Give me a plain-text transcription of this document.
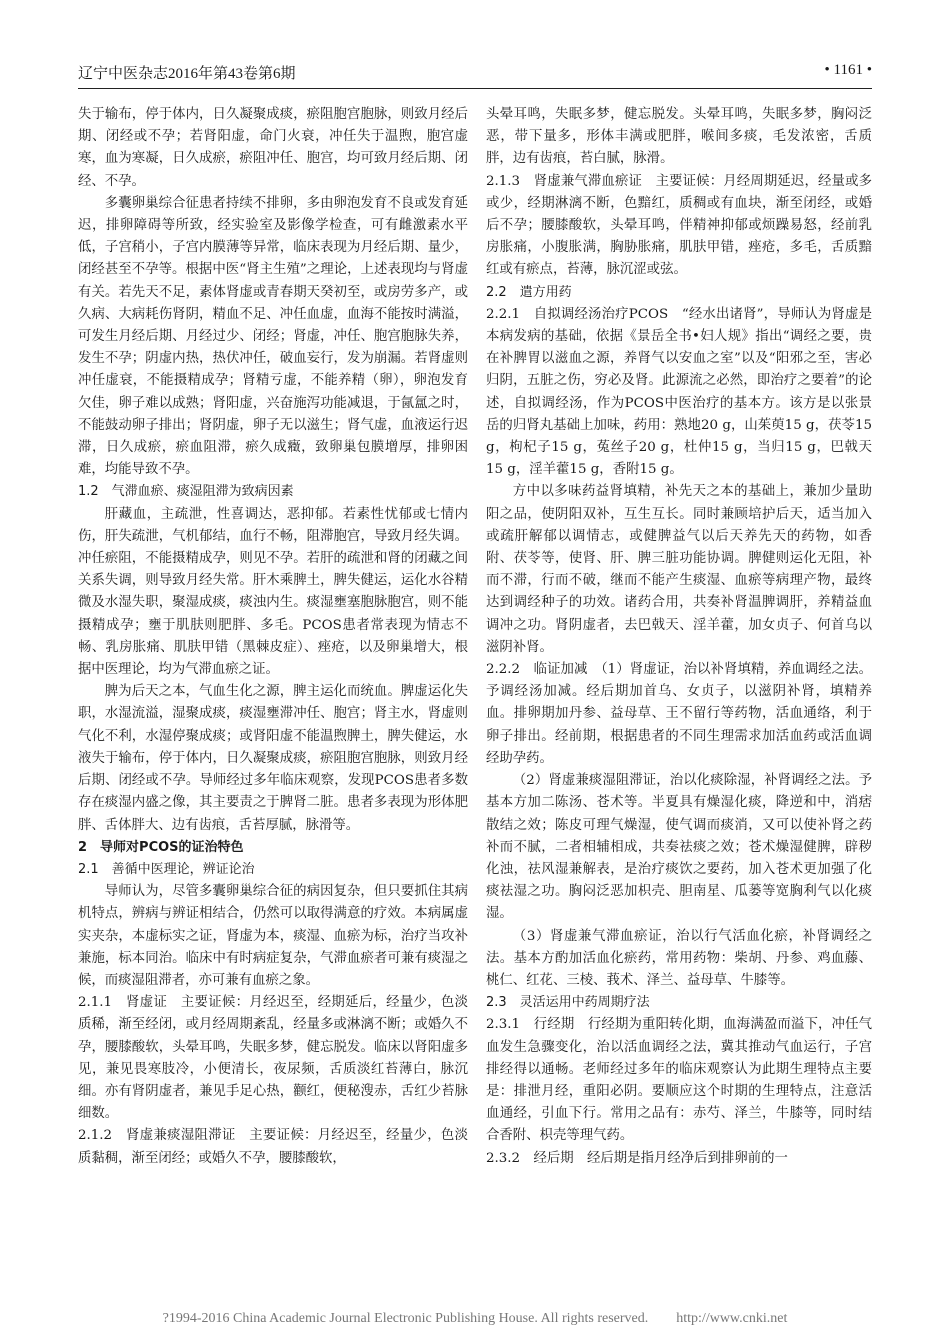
辽宁中医杂志2016年第43卷第6期	• 1161 •

失于输布，停于体内，日久凝聚成痰，瘀阻胞宫胞脉，则致月经后期、闭经或不孕；若肾阳虚，命门火衰，冲任失于温煦，胞宫虚寒，血为寒凝，日久成瘀，瘀阻冲任、胞宫，均可致月经后期、闭经、不孕。

多囊卵巢综合征患者持续不排卵，多由卵泡发育不良或发育延迟，排卵障碍等所致，经实验室及影像学检查，可有雌激素水平低，子宫稍小，子宫内膜薄等异常，临床表现为月经后期、量少，闭经甚至不孕等。根据中医“肾主生殖”之理论，上述表现均与肾虚有关。若先天不足，素体肾虚或青春期天癸初至，或房劳多产，或久病、大病耗伤肾阴，精血不足、冲任血虚，血海不能按时满溢，可发生月经后期、月经过少、闭经；肾虚，冲任、胞宫胞脉失养，发生不孕；阴虚内热，热伏冲任，破血妄行，发为崩漏。若肾虚则冲任虚衰，不能摄精成孕；肾精亏虚，不能养精（卵），卵泡发育欠佳，卵子难以成熟；肾阳虚，兴奋施泻功能减退，于氤氲之时，不能鼓动卵子排出；肾阴虚，卵子无以滋生；肾气虚，血液运行迟滞，日久成瘀，瘀血阻滞，瘀久成癥，致卵巢包膜增厚，排卵困难，均能导致不孕。

1.2　气滞血瘀、痰湿阻滞为致病因素

肝藏血，主疏泄，性喜调达，恶抑郁。若素性忧郁或七情内伤，肝失疏泄，气机郁结，血行不畅，阻滞胞宫，导致月经失调。冲任瘀阻，不能摄精成孕，则见不孕。若肝的疏泄和肾的闭藏之间关系失调，则导致月经失常。肝木乘脾土，脾失健运，运化水谷精微及水湿失职，聚湿成痰，痰浊内生。痰湿壅塞胞脉胞宫，则不能摄精成孕；壅于肌肤则肥胖、多毛。PCOS患者常表现为情志不畅、乳房胀痛、肌肤甲错（黑棘皮症）、痤疮，以及卵巢增大，根据中医理论，均为气滞血瘀之证。

脾为后天之本，气血生化之源，脾主运化而统血。脾虚运化失职，水湿流溢，湿聚成痰，痰湿壅滞冲任、胞宫；肾主水，肾虚则气化不利，水湿停聚成痰；或肾阳虚不能温煦脾土，脾失健运，水液失于输布，停于体内，日久凝聚成痰，瘀阻胞宫胞脉，则致月经后期、闭经或不孕。导师经过多年临床观察，发现PCOS患者多数存在痰湿内盛之像，其主要责之于脾肾二脏。患者多表现为形体肥胖、舌体胖大、边有齿痕，舌苔厚腻，脉滑等。

2　导师对PCOS的证治特色

2.1　善循中医理论，辨证论治

导师认为，尽管多囊卵巢综合征的病因复杂，但只要抓住其病机特点，辨病与辨证相结合，仍然可以取得满意的疗效。本病属虚实夹杂，本虚标实之证，肾虚为本，痰湿、血瘀为标，治疗当攻补兼施，标本同治。临床中有时病症复杂，气滞血瘀者可兼有痰湿之候，而痰湿阻滞者，亦可兼有血瘀之象。

2.1.1　肾虚证　主要证候：月经迟至，经期延后，经量少，色淡质稀，渐至经闭，或月经周期紊乱，经量多或淋漓不断；或婚久不孕，腰膝酸软，头晕耳鸣，失眠多梦，健忘脱发。临床以肾阳虚多见，兼见畏寒肢冷，小便清长，夜尿频，舌质淡红苔薄白，脉沉细。亦有肾阴虚者，兼见手足心热，颧红，便秘溲赤，舌红少苔脉细数。

2.1.2　肾虚兼痰湿阻滞证　主要证候：月经迟至，经量少，色淡质黏稠，渐至闭经；或婚久不孕，腰膝酸软，

头晕耳鸣，失眠多梦，健忘脱发。头晕耳鸣，失眠多梦，胸闷泛恶，带下量多，形体丰满或肥胖，喉间多痰，毛发浓密，舌质胖，边有齿痕，苔白腻，脉滑。

2.1.3　肾虚兼气滞血瘀证　主要证候：月经周期延迟，经量或多或少，经期淋漓不断，色黯红，质稠或有血块，渐至闭经，或婚后不孕；腰膝酸软，头晕耳鸣，伴精神抑郁或烦躁易怒，经前乳房胀痛，小腹胀满，胸胁胀痛，肌肤甲错，痤疮，多毛，舌质黯红或有瘀点，苔薄，脉沉涩或弦。

2.2　遣方用药

2.2.1　自拟调经汤治疗PCOS　“经水出诸肾”，导师认为肾虚是本病发病的基础，依据《景岳全书•妇人规》指出“调经之要，贵在补脾胃以滋血之源，养肾气以安血之室”以及“阳邪之至，害必归阴，五脏之伤，穷必及肾。此源流之必然，即治疗之要着”的论述，自拟调经汤，作为PCOS中医治疗的基本方。该方是以张景岳的归肾丸基础上加味，药用：熟地20 g，山茱萸15 g，茯苓15 g，枸杞子15 g，菟丝子20 g，杜仲15 g，当归15 g，巴戟天15 g，淫羊藿15 g，香附15 g。

方中以多味药益肾填精，补先天之本的基础上，兼加少量助阳之品，使阴阳双补，互生互长。同时兼顾培护后天，适当加入或疏肝解郁以调情志，或健脾益气以后天养先天的药物，如香附、茯苓等，使肾、肝、脾三脏功能协调。脾健则运化无阻，补而不滞，行而不破，继而不能产生痰湿、血瘀等病理产物，最终达到调经种子的功效。诸药合用，共奏补肾温脾调肝，养精益血调冲之功。肾阴虚者，去巴戟天、淫羊藿，加女贞子、何首乌以滋阴补肾。

2.2.2　临证加减　（1）肾虚证，治以补肾填精，养血调经之法。予调经汤加减。经后期加首乌、女贞子，以滋阴补肾，填精养血。排卵期加丹参、益母草、王不留行等药物，活血通络，利于卵子排出。经前期，根据患者的不同生理需求加活血药或活血调经助孕药。

（2）肾虚兼痰湿阻滞证，治以化痰除湿，补肾调经之法。予基本方加二陈汤、苍术等。半夏具有燥湿化痰，降逆和中，消痞散结之效；陈皮可理气燥湿，使气调而痰消，又可以使补肾之药补而不腻，二者相辅相成，共奏祛痰之效；苍术燥湿健脾，辟秽化浊，祛风湿兼解表，是治疗痰饮之要药，加入苍术更加强了化痰祛湿之功。胸闷泛恶加枳壳、胆南星、瓜蒌等宽胸利气以化痰湿。

（3）肾虚兼气滞血瘀证，治以行气活血化瘀，补肾调经之法。基本方酌加活血化瘀药，常用药物：柴胡、丹参、鸡血藤、桃仁、红花、三棱、莪术、泽兰、益母草、牛膝等。

2.3　灵活运用中药周期疗法

2.3.1　行经期　行经期为重阳转化期，血海满盈而溢下，冲任气血发生急骤变化，治以活血调经之法，冀其推动气血运行，子宫排经得以通畅。老师经过多年的临床观察认为此期生理特点主要是：排泄月经，重阳必阴。要顺应这个时期的生理特点，注意活血通经，引血下行。常用之品有：赤芍、泽兰，牛膝等，同时结合香附、枳壳等理气药。

2.3.2　经后期　经后期是指月经净后到排卵前的一

?1994-2016 China Academic Journal Electronic Publishing House. All rights reserved.　　http://www.cnki.net
